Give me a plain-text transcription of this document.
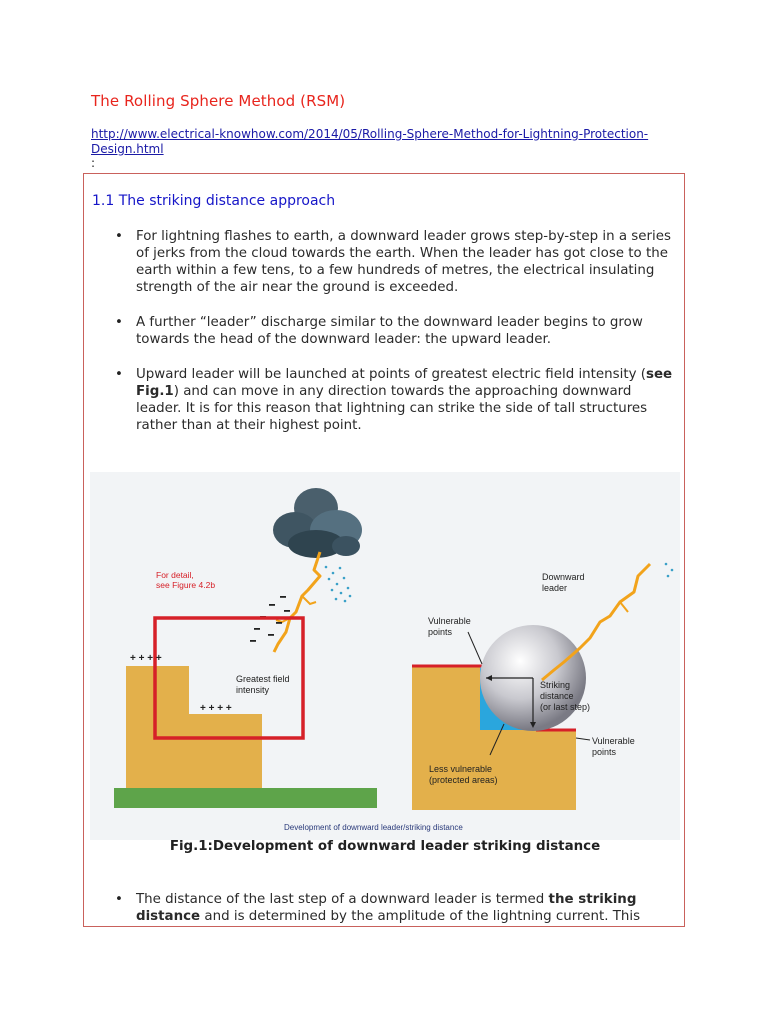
The Rolling Sphere Method (RSM)
http://www.electrical-knowhow.com/2014/05/Rolling-Sphere-Method-for-Lightning-Protection-Design.html
:
1.1 The striking distance approach
• For lightning flashes to earth, a downward leader grows step-by-step in a series of jerks from the cloud towards the earth. When the leader has got close to the earth within a few tens, to a few hundreds of metres, the electrical insulating strength of the air near the ground is exceeded.
• A further “leader” discharge similar to the downward leader begins to grow towards the head of the downward leader: the upward leader.
• Upward leader will be launched at points of greatest electric field intensity (see Fig.1) and can move in any direction towards the approaching downward leader. It is for this reason that lightning can strike the side of tall structures rather than at their highest point.
For detail,
see Figure 4.2b
+ + + +
+ + + +
Greatest field
intensity
Downward
leader
Vulnerable
points
Striking
distance
(or last step)
Vulnerable
points
Less vulnerable
(protected areas)
Development of downward leader/striking distance
Fig.1:Development of downward leader striking distance
• The distance of the last step of a downward leader is termed the striking distance and is determined by the amplitude of the lightning current. This
